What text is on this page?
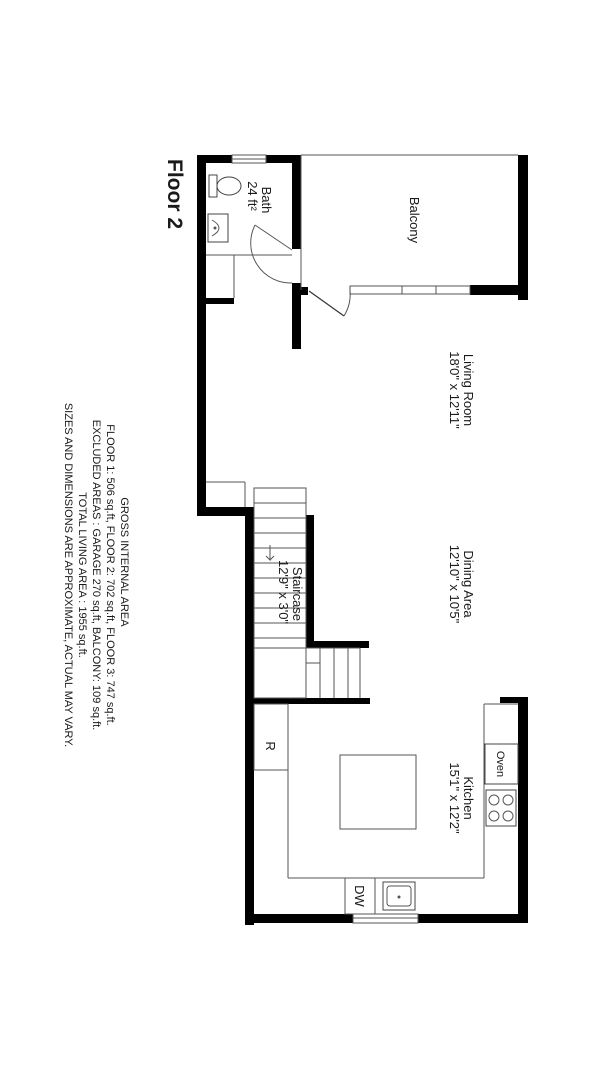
Floor 2	Balcony
Bath
24 ft²
Living Room
18'0" x 12'11"
Dining Area
12'10" x 10'5"
Staircase
12'9" x 3'0"
Kitchen
15'1" x 12'2"
R
Oven
DW
GROSS INTERNAL AREA
FLOOR 1: 506 sq.ft, FLOOR 2: 702 sq.ft, FLOOR 3: 747 sq.ft.
EXCLUDED AREAS : GARAGE 270 sq.ft, BALCONY: 109 sq.ft.
TOTAL LIVING AREA : 1955 sq.ft.
SIZES AND DIMENSIONS ARE APPROXIMATE, ACTUAL MAY VARY.
